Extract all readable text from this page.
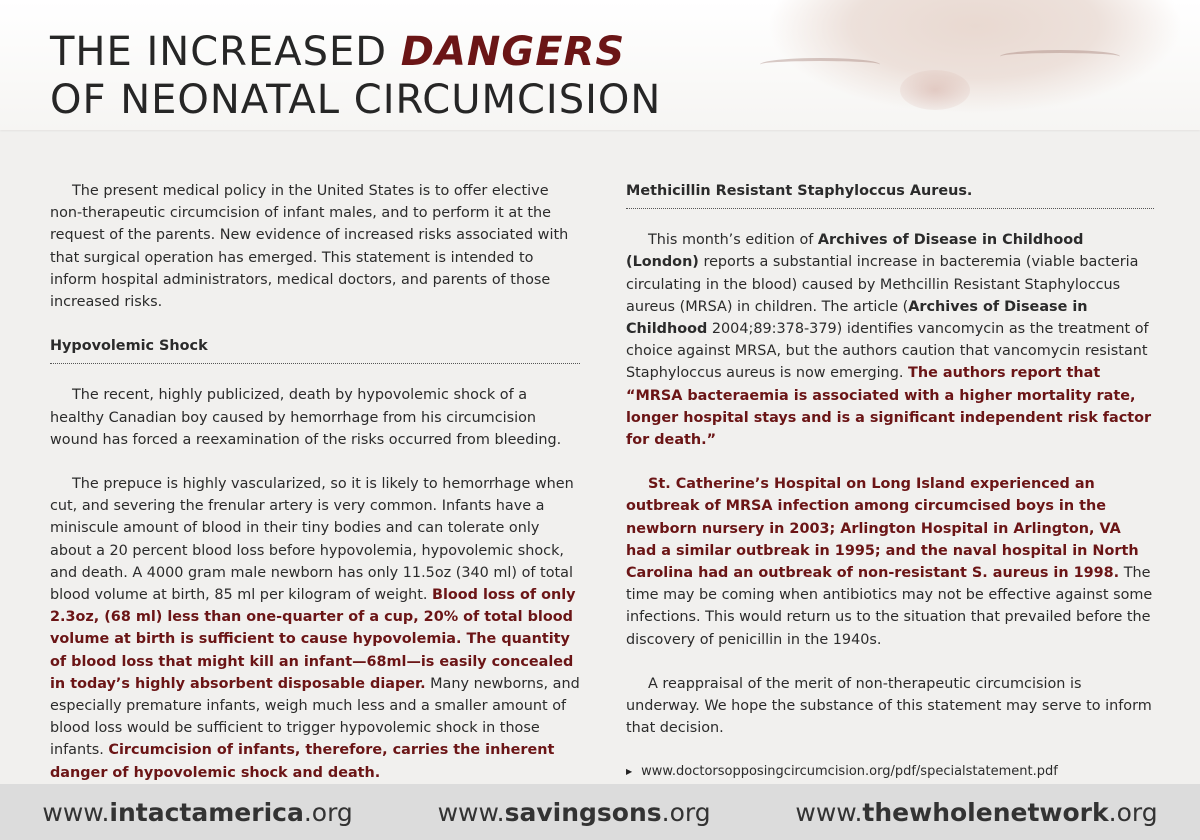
THE INCREASED DANGERS
OF NEONATAL CIRCUMCISION

The present medical policy in the United States is to offer elective non-therapeutic circumcision of infant males, and to perform it at the request of the parents. New evidence of increased risks associated with that surgical operation has emerged. This statement is intended to inform hospital administrators, medical doctors, and parents of those increased risks.

Hypovolemic Shock

The recent, highly publicized, death by hypovolemic shock of a healthy Canadian boy caused by hemorrhage from his circumcision wound has forced a reexamination of the risks occurred from bleeding.

The prepuce is highly vascularized, so it is likely to hemorrhage when cut, and severing the frenular artery is very common. Infants have a miniscule amount of blood in their tiny bodies and can tolerate only about a 20 percent blood loss before hypovolemia, hypovolemic shock, and death. A 4000 gram male newborn has only 11.5oz (340 ml) of total blood volume at birth, 85 ml per kilogram of weight. Blood loss of only 2.3oz, (68 ml) less than one-quarter of a cup, 20% of total blood volume at birth is sufficient to cause hypovolemia. The quantity of blood loss that might kill an infant—68ml—is easily concealed in today’s highly absorbent disposable diaper. Many newborns, and especially premature infants, weigh much less and a smaller amount of blood loss would be sufficient to trigger hypovolemic shock in those infants. Circumcision of infants, therefore, carries the inherent danger of hypovolemic shock and death.

Methicillin Resistant Staphyloccus Aureus.

This month’s edition of Archives of Disease in Childhood (London) reports a substantial increase in bacteremia (viable bacteria circulating in the blood) caused by Methcillin Resistant Staphyloccus aureus (MRSA) in children. The article (Archives of Disease in Childhood 2004;89:378-379) identifies vancomycin as the treatment of choice against MRSA, but the authors caution that vancomycin resistant Staphyloccus aureus is now emerging. The authors report that “MRSA bacteraemia is associated with a higher mortality rate, longer hospital stays and is a significant independent risk factor for death.”

St. Catherine’s Hospital on Long Island experienced an outbreak of MRSA infection among circumcised boys in the newborn nursery in 2003; Arlington Hospital in Arlington, VA had a similar outbreak in 1995; and the naval hospital in North Carolina had an outbreak of non-resistant S. aureus in 1998. The time may be coming when antibiotics may not be effective against some infections. This would return us to the situation that prevailed before the discovery of penicillin in the 1940s.

A reappraisal of the merit of non-therapeutic circumcision is underway. We hope the substance of this statement may serve to inform that decision.

▶ www.doctorsopposingcircumcision.org/pdf/specialstatement.pdf
www.intactamerica.org	www.savingsons.org	www.thewholenetwork.org
